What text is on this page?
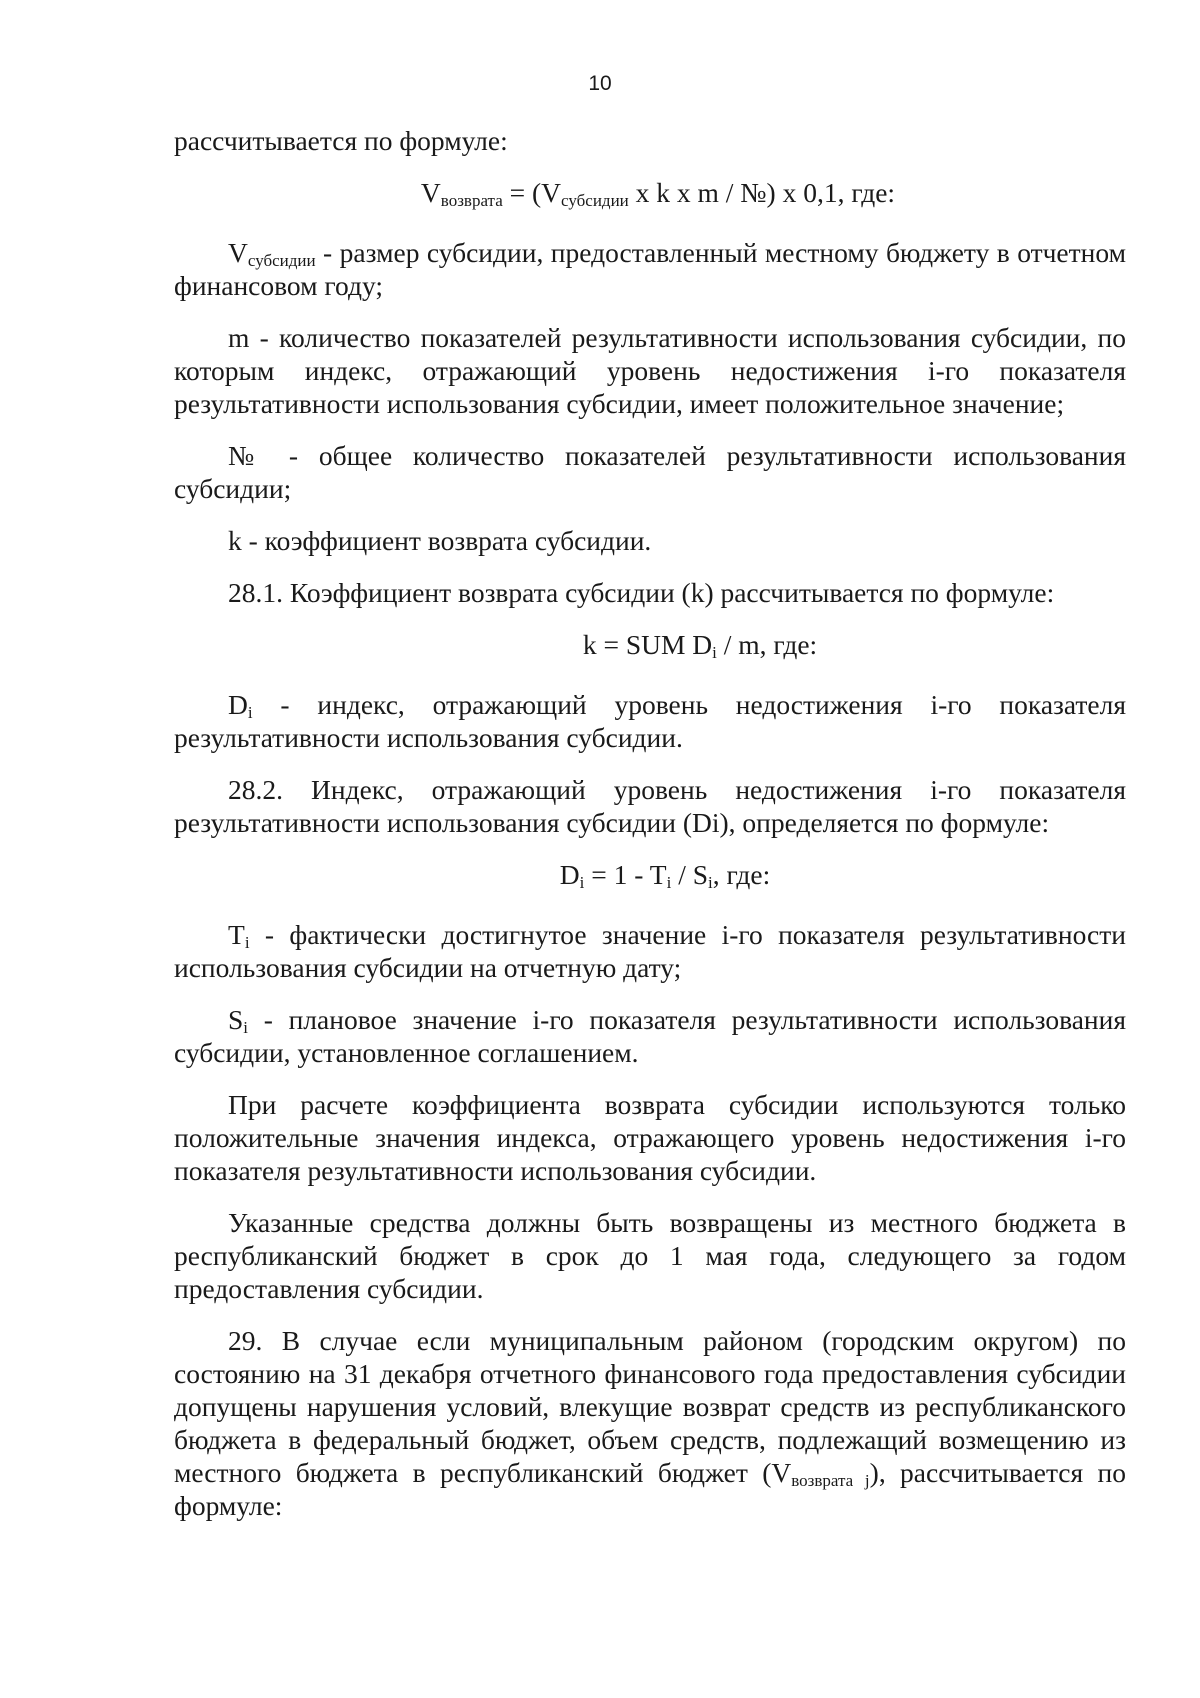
10

рассчитывается по формуле:

$V_{возврата} = (V_{субсидии}$ x k x m / №) x 0,1, где:

$V_{субсидии}$ - размер субсидии, предоставленный местному бюджету в отчетном финансовом году;

m - количество показателей результативности использования субсидии, по которым индекс, отражающий уровень недостижения i-го показателя результативности использования субсидии, имеет положительное значение;

№ - общее количество показателей результативности использования субсидии;

k - коэффициент возврата субсидии.

28.1. Коэффициент возврата субсидии (k) рассчитывается по формуле:

k = SUM $D_i$ / m, где:

$D_i$ - индекс, отражающий уровень недостижения i-го показателя результативности использования субсидии.

28.2. Индекс, отражающий уровень недостижения i-го показателя результативности использования субсидии (Di), определяется по формуле:

$D_i = 1 - T_i / S_i$, где:

$T_i$ - фактически достигнутое значение i-го показателя результативности использования субсидии на отчетную дату;

$S_i$ - плановое значение i-го показателя результативности использования субсидии, установленное соглашением.

При расчете коэффициента возврата субсидии используются только положительные значения индекса, отражающего уровень недостижения i-го показателя результативности использования субсидии.

Указанные средства должны быть возвращены из местного бюджета в республиканский бюджет в срок до 1 мая года, следующего за годом предоставления субсидии.

29. В случае если муниципальным районом (городским округом) по состоянию на 31 декабря отчетного финансового года предоставления субсидии допущены нарушения условий, влекущие возврат средств из республиканского бюджета в федеральный бюджет, объем средств, подлежащий возмещению из местного бюджета в республиканский бюджет $(V_{возврата j})$, рассчитывается по формуле:
